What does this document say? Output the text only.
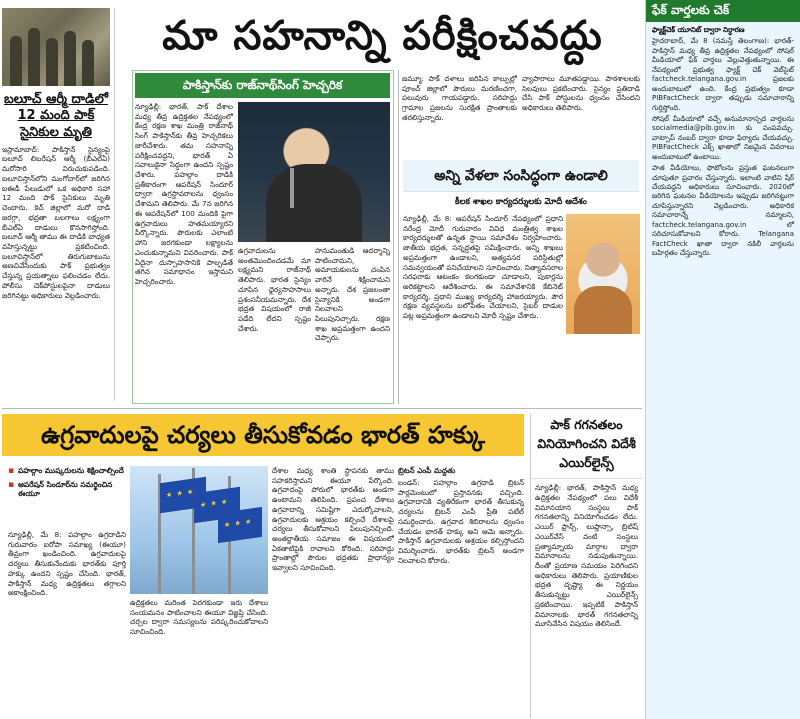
మా సహనాన్ని పరీక్షించవద్దు
బలూచ్ ఆర్మీ దాడిలో 12 మంది పాక్ సైనికుల మృతి
ఇస్లామాబాద్: పాకిస్తాన్ సైన్యంపై బలూచ్ లిబరేషన్ ఆర్మీ (బీఎల్ఏ) మరోసారి విరుచుకుపడింది. బలూచిస్తాన్‌లోని మంగోచార్‌లో జరిగిన ఐఈడీ పేలుడులో ఒక అధికారి సహా 12 మంది పాక్ సైనికులు మృతి చెందారు. కెచ్ జిల్లాలో మరో దాడి జరగ్గా, భద్రతా బలగాలు లక్ష్యంగా బీఎల్ఏ దాడులు కొనసాగిస్తోంది. బలూచ్ ఆర్మీ తాము ఈ దాడికి బాధ్యత వహిస్తున్నట్టు ప్రకటించింది. బలూచిస్తాన్‌లో తిరుగుబాటును అణచివేసేందుకు పాక్ ప్రభుత్వం చేస్తున్న ప్రయత్నాలు ఫలించడం లేదు. పోలీసు చెక్‌పోస్టులపైనా దాడులు జరిగినట్టు అధికారులు వెల్లడించారు.
పాకిస్తాన్‌కు రాజ్‌నాథ్‌సింగ్ హెచ్చరిక
న్యూఢిల్లీ: భారత్, పాక్ దేశాల మధ్య తీవ్ర ఉద్రిక్తతల నేపథ్యంలో కేంద్ర రక్షణ శాఖ మంత్రి రాజ్‌నాథ్ సింగ్ పాకిస్తాన్‌కు తీవ్ర హెచ్చరికలు జారీచేశారు. తమ సహనాన్ని పరీక్షించవద్దని, భారత్ ఏ సవాలుకైనా సిద్ధంగా ఉందని స్పష్టం చేశారు. పహల్గాం దాడికి ప్రతీకారంగా ఆపరేషన్ సిందూర్ ద్వారా ఉగ్రస్థావరాలను ధ్వంసం చేశామని తెలిపారు. మే 7న జరిగిన ఈ ఆపరేషన్‌లో 100 మందికి పైగా ఉగ్రవాదులు హతమయ్యారని పేర్కొన్నారు. పౌరులకు ఎలాంటి హాని జరగకుండా లక్ష్యాలను ఎంచుకున్నామని వివరించారు. పాక్ ఏదైనా దుస్సాహసానికి పాల్పడితే తగిన సమాధానం ఇస్తామని హెచ్చరించారు.
ఉగ్రవాదులను అంతమొందించడమే మా లక్ష్యమని రాజ్‌నాథ్ తెలిపారు. భారత సైన్యం చూపిన ధైర్యసాహసాలు ప్రశంసనీయమన్నారు. దేశ భద్రత విషయంలో రాజీ పడేది లేదని స్పష్టం చేశారు.
హనుమంతుడి ఆదర్శాన్ని పాటించామని, అమాయకులను చంపిన వారినే శిక్షించామని అన్నారు. దేశ ప్రజలంతా సైన్యానికి అండగా నిలవాలని పిలుపునిచ్చారు. రక్షణ శాఖ అప్రమత్తంగా ఉందని చెప్పారు.
జమ్మూ: పాక్ దళాలు జరిపిన కాల్పుల్లో పూంచ్ జిల్లాలో పౌరులు మరణించగా, పలువురు గాయపడ్డారు. సరిహద్దు గ్రామాల ప్రజలను సురక్షిత ప్రాంతాలకు తరలిస్తున్నారు.
వ్యాపారాలు మూతపడ్డాయి. పాఠశాలలకు సెలవులు ప్రకటించారు. సైన్యం ప్రతిదాడి చేసి పాక్ పోస్టులను ధ్వంసం చేసిందని అధికారులు తెలిపారు.
అన్ని వేళలా సంసిద్ధంగా ఉండాలి
కీలక శాఖల కార్యదర్శులకు మోదీ ఆదేశం
న్యూఢిల్లీ, మే 8: ఆపరేషన్ సిందూర్ నేపథ్యంలో ప్రధాని నరేంద్ర మోదీ గురువారం వివిధ మంత్రిత్వ శాఖల కార్యదర్శులతో ఉన్నత స్థాయి సమావేశం నిర్వహించారు. జాతీయ భద్రత, సన్నద్ధతపై సమీక్షించారు. అన్ని శాఖలు అప్రమత్తంగా ఉండాలని, అత్యవసర పరిస్థితుల్లో సమన్వయంతో పనిచేయాలని సూచించారు. నిత్యావసరాల సరఫరాకు ఆటంకం కలగకుండా చూడాలని, పుకార్లను అరికట్టాలని ఆదేశించారు. ఈ సమావేశానికి కేబినెట్ కార్యదర్శి, ప్రధాని ముఖ్య కార్యదర్శి హాజరయ్యారు. పౌర రక్షణ వ్యవస్థలను బలోపేతం చేయాలని, సైబర్ దాడుల పట్ల అప్రమత్తంగా ఉండాలని మోదీ స్పష్టం చేశారు.
ఫేక్ వార్తలకు చెక్

ఫ్యాక్ట్‌చెక్ యూనిట్ ద్వారా నిర్ధారణ

హైదరాబాద్, మే 8 (నమస్తే తెలంగాణ): భారత్-పాకిస్తాన్ మధ్య తీవ్ర ఉద్రిక్తతల నేపథ్యంలో సోషల్ మీడియాలో ఫేక్ వార్తలు వెల్లువెత్తుతున్నాయి. ఈ నేపథ్యంలో ప్రభుత్వ ఫ్యాక్ట్ చెక్ వెబ్‌సైట్ factcheck.telangana.gov.in ప్రజలకు అందుబాటులో ఉంది. కేంద్ర ప్రభుత్వం కూడా PIBFactCheck ద్వారా తప్పుడు సమాచారాన్ని గుర్తిస్తోంది.

సోషల్ మీడియాలో వచ్చే అనుమానాస్పద వార్తలను socialmedia@pib.gov.in కు పంపవచ్చు. వాట్సాప్ నంబర్ ద్వారా కూడా ఫిర్యాదు చేయవచ్చు. PIBFactCheck ఎక్స్ ఖాతాలో నిజమైన వివరాలు అందుబాటులో ఉంటాయి.

పాత వీడియోలు, ఫొటోలను ప్రస్తుత ఘటనలుగా చూపుతూ ప్రచారం చేస్తున్నారు. ఇలాంటి వాటిని షేర్ చేయవద్దని అధికారులు సూచించారు. 2020లో జరిగిన ఘటనల వీడియోలను ఇప్పుడు జరిగినట్టుగా చూపిస్తున్నారని వెల్లడించారు. అధికారిక సమాచారాన్నే నమ్మాలని, factcheck.telangana.gov.in లో సరిచూసుకోవాలని కోరారు. Telangana FactCheck ఖాతా ద్వారా నకిలీ వార్తలను బహిర్గతం చేస్తున్నారు.

ఉగ్రవాదులపై చర్యలు తీసుకోవడం భారత్ హక్కు
▪ పహల్గాం ముష్కరులను శిక్షించాల్సిందే
▪ ఆపరేషన్ సిందూర్‌ను సమర్థించిన ఈయూ
★ ★ ★
★ ★ ★
★ ★ ★
న్యూఢిల్లీ, మే 8: పహల్గాం ఉగ్రదాడిని గురువారం ఐరోపా సమాఖ్య (ఈయూ) తీవ్రంగా ఖండించింది. ఉగ్రవాదులపై చర్యలు తీసుకునేందుకు భారత్‌కు పూర్తి హక్కు ఉందని స్పష్టం చేసింది. భారత్, పాకిస్తాన్ మధ్య ఉద్రిక్తతలు తగ్గాలని ఆకాంక్షించింది.
ఉద్రిక్తతలు మరింత పెరగకుండా ఇరు దేశాలు సంయమనం పాటించాలని ఈయూ విజ్ఞప్తి చేసింది. చర్చల ద్వారా సమస్యలను పరిష్కరించుకోవాలని సూచించింది.
దేశాల మధ్య శాంతి స్థాపనకు తాము సహకరిస్తామని ఈయూ పేర్కొంది. ఉగ్రవాదంపై పోరులో భారత్‌కు అండగా ఉంటామని తెలిపింది. ప్రపంచ దేశాలు ఉగ్రవాదాన్ని సమిష్టిగా ఎదుర్కోవాలని, ఉగ్రవాదులకు ఆశ్రయం కల్పించే దేశాలపై చర్యలు తీసుకోవాలని పిలుపునిచ్చింది. అంతర్జాతీయ సమాజం ఈ విషయంలో ఏకతాటిపైకి రావాలని కోరింది. సరిహద్దు ప్రాంతాల్లో పౌరుల భద్రతకు ప్రాధాన్యం ఇవ్వాలని సూచించింది.
బ్రిటన్ ఎంపీ మద్దతు
లండన్: పహల్గాం ఉగ్రదాడి బ్రిటన్ పార్లమెంటులో ప్రస్తావనకు వచ్చింది. ఉగ్రవాదానికి వ్యతిరేకంగా భారత్ తీసుకున్న చర్యలను బ్రిటన్ ఎంపీ ప్రీతి పటేల్ సమర్థించారు. ఉగ్రవాద శిబిరాలను ధ్వంసం చేయడం భారత్ హక్కు అని ఆమె అన్నారు. పాకిస్తాన్ ఉగ్రవాదులకు ఆశ్రయం కల్పిస్తోందని విమర్శించారు. భారత్‌కు బ్రిటన్ అండగా నిలవాలని కోరారు.
పాక్ గగనతలం వినియోగించని విదేశీ ఎయిర్‌లైన్స్
న్యూఢిల్లీ: భారత్, పాకిస్తాన్ మధ్య ఉద్రిక్తతల నేపథ్యంలో పలు విదేశీ విమానయాన సంస్థలు పాక్ గగనతలాన్ని వినియోగించడం లేదు. ఎయిర్ ఫ్రాన్స్, లుఫ్తాన్సా, బ్రిటిష్ ఎయిర్‌వేస్ వంటి సంస్థలు ప్రత్యామ్నాయ మార్గాల ద్వారా విమానాలను నడుపుతున్నాయి. దీంతో ప్రయాణ సమయం పెరిగిందని అధికారులు తెలిపారు. ప్రయాణికుల భద్రత దృష్ట్యా ఈ నిర్ణయం తీసుకున్నట్టు ఎయిర్‌లైన్స్ ప్రకటించాయి. ఇప్పటికే పాకిస్తాన్ విమానాలకు భారత్ గగనతలాన్ని మూసివేసిన విషయం తెలిసిందే.
